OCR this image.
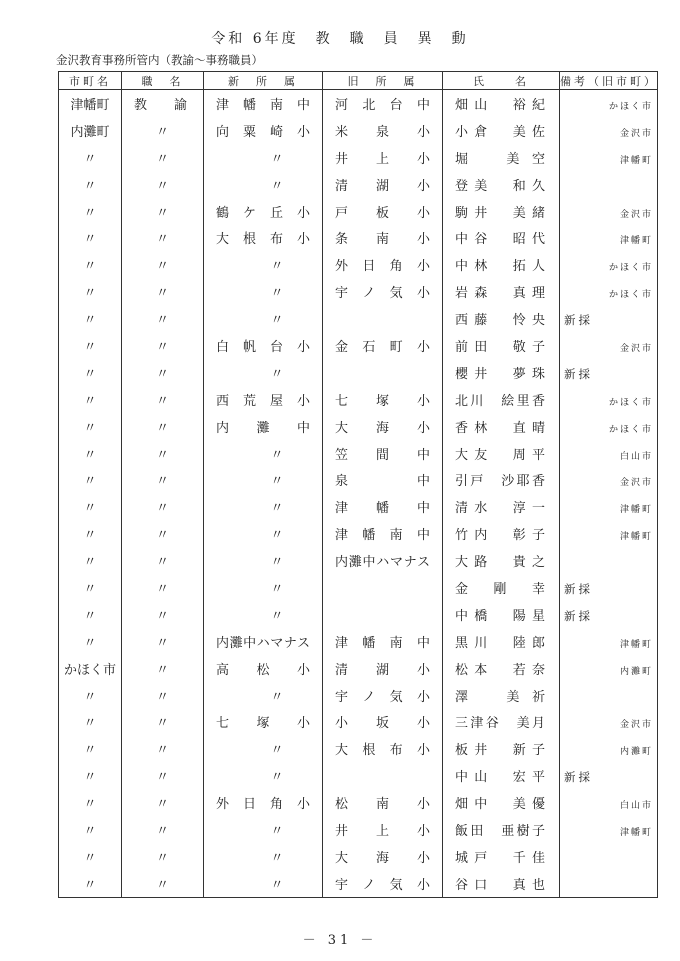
令和 6年度　教　職　員　異　動
金沢教育事務所管内（教諭〜事務職員）
市町名	職　名	新　所　属	旧　所　属	氏　　名	備考（旧市町）
津幡町	教諭	津幡南中	河北台中	畑山　裕紀	かほく市

内灘町	〃	向粟崎小	米泉小	小倉　美佐	金沢市

〃	〃	〃	井上小	堀　美空	津幡町

〃	〃	〃	清湖小	登美　和久	

〃	〃	鶴ケ丘小	戸板小	駒井　美緒	金沢市

〃	〃	大根布小	条南小	中谷　昭代	津幡町

〃	〃	〃	外日角小	中林　拓人	かほく市

〃	〃	〃	宇ノ気小	岩森　真理	かほく市

〃	〃	〃		西藤　怜央	新採

〃	〃	白帆台小	金石町小	前田　敬子	金沢市

〃	〃	〃		櫻井　夢珠	新採

〃	〃	西荒屋小	七塚小	北川　絵里香	かほく市

〃	〃	内灘中	大海小	香林　直晴	かほく市

〃	〃	〃	笠間中	大友　周平	白山市

〃	〃	〃	泉中	引戸　沙耶香	金沢市

〃	〃	〃	津幡中	清水　淳一	津幡町

〃	〃	〃	津幡南中	竹内　彰子	津幡町

〃	〃	〃	内灘中ハマナス	大路　貴之	

〃	〃	〃		金　剛　幸	新採

〃	〃	〃		中橋　陽星	新採

〃	〃	内灘中ハマナス	津幡南中	黒川　陸郎	津幡町

かほく市	〃	高松小	清湖小	松本　若奈	内灘町

〃	〃	〃	宇ノ気小	澤　美祈	

〃	〃	七塚小	小坂小	三津谷　美月	金沢市

〃	〃	〃	大根布小	板井　新子	内灘町

〃	〃	〃		中山　宏平	新採

〃	〃	外日角小	松南小	畑中　美優	白山市

〃	〃	〃	井上小	飯田　亜樹子	津幡町

〃	〃	〃	大海小	城戸　千佳	

〃	〃	〃	宇ノ気小	谷口　真也	
－ 31 －
